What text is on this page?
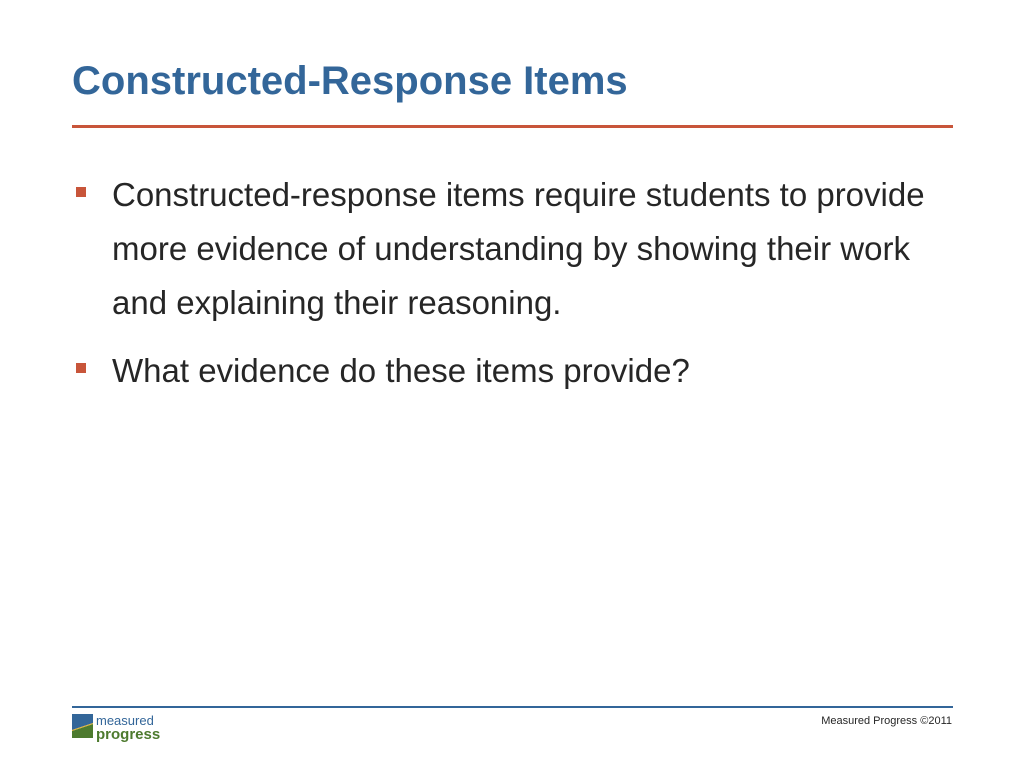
Constructed-Response Items
Constructed-response items require students to provide more evidence of understanding by showing their work and explaining their reasoning.
What evidence do these items provide?
measured
progress
Measured Progress ©2011
